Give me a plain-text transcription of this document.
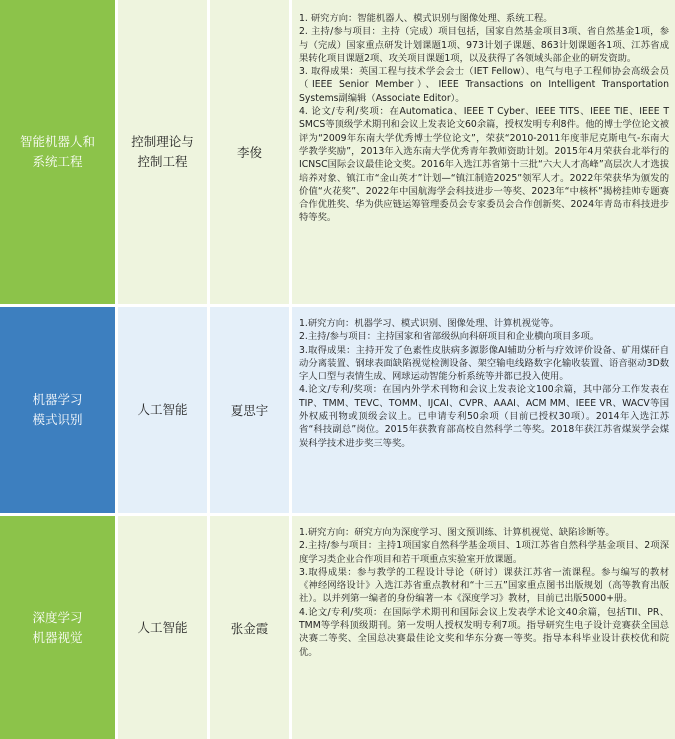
智能机器人和
系统工程
控制理论与
控制工程
李俊

1. 研究方向：智能机器人、模式识别与图像处理、系统工程。

2. 主持/参与项目：主持（完成）项目包括，国家自然基金项目3项、省自然基金1项，参与（完成）国家重点研发计划课题1项、973计划子课题、863计划课题各1项、江苏省成果转化项目课题2项、攻关项目课题1项，以及获得了各领域头部企业的研发资助。

3. 取得成果：英国工程与技术学会会士（IET Fellow）、电气与电子工程师协会高级会员（IEEE Senior Member）、IEEE Transactions on Intelligent Transportation Systems副编辑（Associate Editor）。

4. 论文/专利/奖项：在Automatica、IEEE T Cyber、IEEE TITS、IEEE TIE、IEEE T SMCS等顶级学术期刊和会议上发表论文60余篇，授权发明专利8件。他的博士学位论文被评为“2009年东南大学优秀博士学位论文”，荣获“2010-2011年度菲尼克斯电气-东南大学教学奖励”，2013年入选东南大学优秀青年教师资助计划。2015年4月荣获台北举行的ICNSC国际会议最佳论文奖。2016年入选江苏省第十三批“六大人才高峰”高层次人才选拔培养对象、镇江市“金山英才”计划—“镇江制造2025”领军人才。2022年荣获华为颁发的价值“火花奖”、2022年中国航海学会科技进步一等奖、2023年“中核杯”揭榜挂帅专题赛合作优胜奖、华为供应链运筹管理委员会专家委员会合作创新奖、2024年青岛市科技进步特等奖。

机器学习
模式识别
人工智能	夏思宇

1.研究方向：机器学习、模式识别、图像处理、计算机视觉等。

2.主持/参与项目：主持国家和省部级纵向科研项目和企业横向项目多项。

3.取得成果：主持开发了色素性皮肤病多源影像AI辅助分析与疗效评价设备、矿用煤矸自动分离装置、钢球表面缺陷视觉检测设备、架空输电线路数字化输收装置、语音驱动3D数字人口型与表情生成、网球运动智能分析系统等并都已投入使用。

4.论文/专利/奖项：在国内外学术刊物和会议上发表论文100余篇，其中部分工作发表在TIP、TMM、TEVC、TOMM、IJCAI、CVPR、AAAI、ACM MM、IEEE VR、WACV等国外权威刊物或顶级会议上。已申请专利50余项（目前已授权30项）。2014年入选江苏省“科技副总”岗位。2015年获教育部高校自然科学二等奖。2018年获江苏省煤炭学会煤炭科学技术进步奖三等奖。

深度学习
机器视觉
人工智能	张金霞

1.研究方向：研究方向为深度学习、图文预训练、计算机视觉、缺陷诊断等。

2.主持/参与项目：主持1项国家自然科学基金项目、1项江苏省自然科学基金项目、2项深度学习类企业合作项目和若干项重点实验室开放课题。

3.取得成果：参与教学的工程设计导论（研讨）课获江苏省一流课程。参与编写的教材《神经网络设计》入选江苏省重点教材和“十三五”国家重点图书出版规划（高等教育出版社）。以并列第一编者的身份编著一本《深度学习》教材，目前已出版5000+册。

4.论文/专利/奖项：在国际学术期刊和国际会议上发表学术论文40余篇，包括TII、PR、TMM等学科顶级期刊。第一发明人授权发明专利7项。指导研究生电子设计竞赛获全国总决赛二等奖、全国总决赛最佳论文奖和华东分赛一等奖。指导本科毕业设计获校优和院优。
